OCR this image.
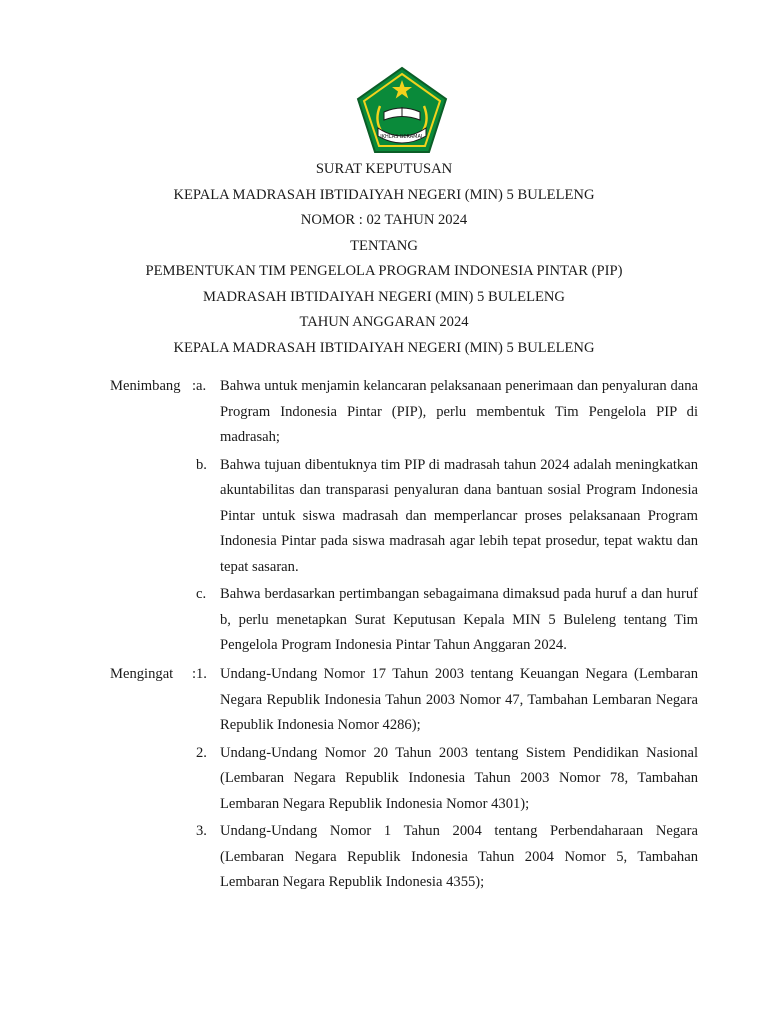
IKHLAS BERAMAL
SURAT KEPUTUSAN
KEPALA MADRASAH IBTIDAIYAH NEGERI (MIN) 5 BULELENG
NOMOR : 02 TAHUN 2024
TENTANG
PEMBENTUKAN TIM PENGELOLA PROGRAM INDONESIA PINTAR (PIP)
MADRASAH IBTIDAIYAH NEGERI (MIN) 5 BULELENG
TAHUN ANGGARAN 2024
KEPALA MADRASAH IBTIDAIYAH NEGERI (MIN) 5 BULELENG
Menimbang : a. Bahwa untuk menjamin kelancaran pelaksanaan penerimaan dan penyaluran dana Program Indonesia Pintar (PIP), perlu membentuk Tim Pengelola PIP di madrasah;
b. Bahwa tujuan dibentuknya tim PIP di madrasah tahun 2024 adalah meningkatkan akuntabilitas dan transparasi penyaluran dana bantuan sosial Program Indonesia Pintar untuk siswa madrasah dan memperlancar proses pelaksanaan Program Indonesia Pintar pada siswa madrasah agar lebih tepat prosedur, tepat waktu dan tepat sasaran.
c. Bahwa berdasarkan pertimbangan sebagaimana dimaksud pada huruf a dan huruf b, perlu menetapkan Surat Keputusan Kepala MIN 5 Buleleng tentang Tim Pengelola Program Indonesia Pintar Tahun Anggaran 2024.
Mengingat : 1. Undang-Undang Nomor 17 Tahun 2003 tentang Keuangan Negara (Lembaran Negara Republik Indonesia Tahun 2003 Nomor 47, Tambahan Lembaran Negara Republik Indonesia Nomor 4286);
2. Undang-Undang Nomor 20 Tahun 2003 tentang Sistem Pendidikan Nasional (Lembaran Negara Republik Indonesia Tahun 2003 Nomor 78, Tambahan Lembaran Negara Republik Indonesia Nomor 4301);
3. Undang-Undang Nomor 1 Tahun 2004 tentang Perbendaharaan Negara (Lembaran Negara Republik Indonesia Tahun 2004 Nomor 5, Tambahan Lembaran Negara Republik Indonesia 4355);
